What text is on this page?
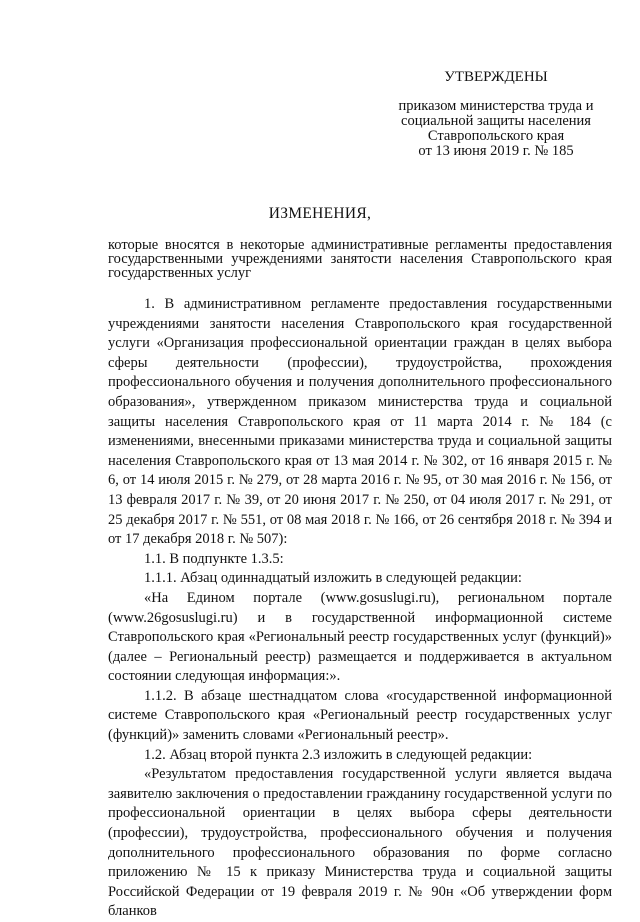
УТВЕРЖДЕНЫ
приказом министерства труда и
социальной защиты населения
Ставропольского края
от 13 июня 2019 г. № 185
ИЗМЕНЕНИЯ,
которые вносятся в некоторые административные регламенты предоставления государственными учреждениями занятости населения Ставропольского края государственных услуг

1. В административном регламенте предоставления государственными учреждениями занятости населения Ставропольского края государственной услуги «Организация профессиональной ориентации граждан в целях выбора сферы деятельности (профессии), трудоустройства, прохождения профессионального обучения и получения дополнительного профессионального образования», утвержденном приказом министерства труда и социальной защиты населения Ставропольского края от 11 марта 2014 г. № 184 (с изменениями, внесенными приказами министерства труда и социальной защиты населения Ставропольского края от 13 мая 2014 г. № 302, от 16 января 2015 г. № 6, от 14 июля 2015 г. № 279, от 28 марта 2016 г. № 95, от 30 мая 2016 г. № 156, от 13 февраля 2017 г. № 39, от 20 июня 2017 г. № 250, от 04 июля 2017 г. № 291, от 25 декабря 2017 г. № 551, от 08 мая 2018 г. № 166, от 26 сентября 2018 г. № 394 и от 17 декабря 2018 г. № 507):

1.1. В подпункте 1.3.5:

1.1.1. Абзац одиннадцатый изложить в следующей редакции:

«На Едином портале (www.gosuslugi.ru), региональном портале (www.26gosuslugi.ru) и в государственной информационной системе Ставропольского края «Региональный реестр государственных услуг (функций)» (далее – Региональный реестр) размещается и поддерживается в актуальном состоянии следующая информация:».

1.1.2. В абзаце шестнадцатом слова «государственной информационной системе Ставропольского края «Региональный реестр государственных услуг (функций)» заменить словами «Региональный реестр».

1.2. Абзац второй пункта 2.3 изложить в следующей редакции:

«Результатом предоставления государственной услуги является выдача заявителю заключения о предоставлении гражданину государственной услуги по профессиональной ориентации в целях выбора сферы деятельности (профессии), трудоустройства, профессионального обучения и получения дополнительного профессионального образования по форме согласно приложению № 15 к приказу Министерства труда и социальной защиты Российской Федерации от 19 февраля 2019 г. № 90н «Об утверждении форм бланков
